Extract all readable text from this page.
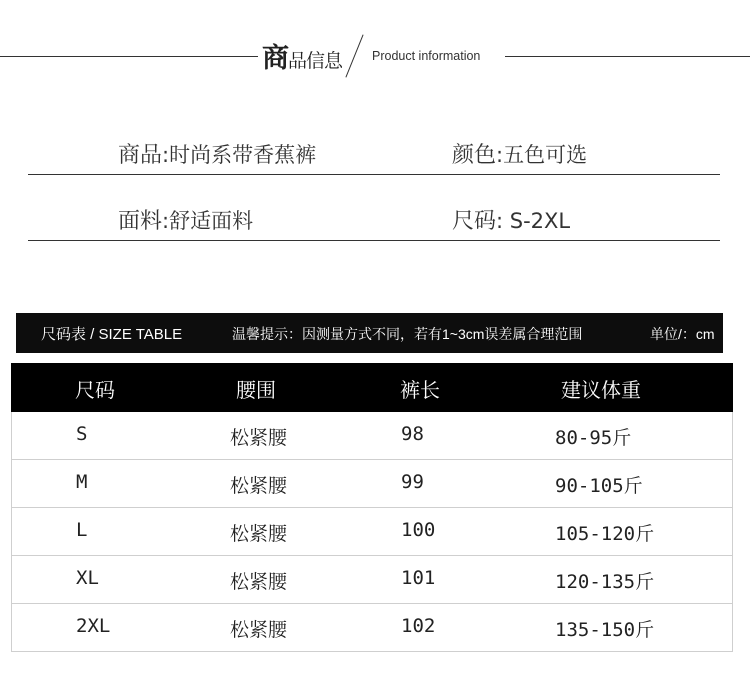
商品信息 Product information
商品:时尚系带香蕉裤	颜色:五色可选
面料:舒适面料	尺码: S-2XL
尺码表 / SIZE TABLE	温馨提示：因测量方式不同，若有1~3cm误差属合理范围	单位/：cm
尺码	腰围	裤长	建议体重
S	松紧腰	98	80-95斤
M	松紧腰	99	90-105斤
L	松紧腰	100	105-120斤
XL	松紧腰	101	120-135斤
2XL	松紧腰	102	135-150斤
